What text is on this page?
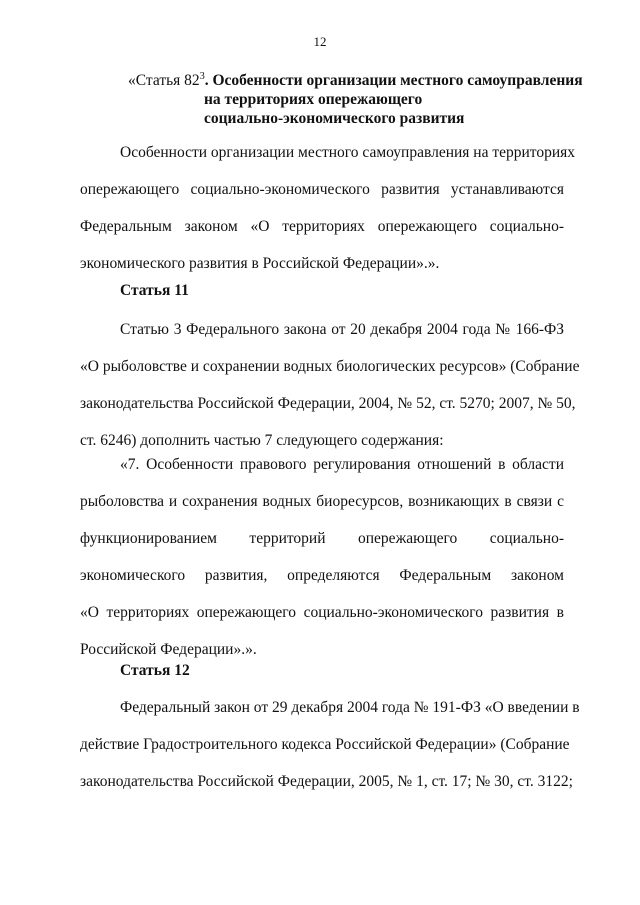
12
«Статья $82^3$. Особенности организации местного самоуправления
на территориях опережающего
социально-экономического развития
Особенности организации местного самоуправления на территориях
опережающего социально-экономического развития устанавливаются
Федеральным законом «О территориях опережающего социально-
экономического развития в Российской Федерации».».
Статья 11
Статью 3 Федерального закона от 20 декабря 2004 года № 166-ФЗ
«О рыболовстве и сохранении водных биологических ресурсов» (Собрание
законодательства Российской Федерации, 2004, № 52, ст. 5270; 2007, № 50,
ст. 6246) дополнить частью 7 следующего содержания:
«7. Особенности правового регулирования отношений в области
рыболовства и сохранения водных биоресурсов, возникающих в связи с
функционированием территорий опережающего социально-
экономического развития, определяются Федеральным законом
«О территориях опережающего социально-экономического развития в
Российской Федерации».».
Статья 12
Федеральный закон от 29 декабря 2004 года № 191-ФЗ «О введении в
действие Градостроительного кодекса Российской Федерации» (Собрание
законодательства Российской Федерации, 2005, № 1, ст. 17; № 30, ст. 3122;
